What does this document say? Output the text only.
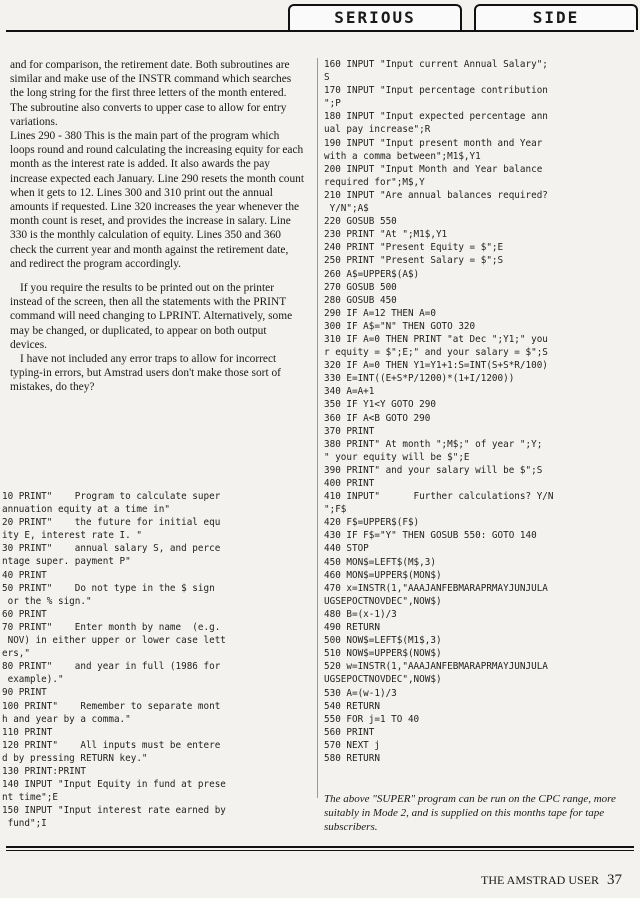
SERIOUS	SIDE

and for comparison, the retirement date. Both subroutines are similar and make use of the INSTR command which searches the long string for the first three letters of the month entered. The subroutine also converts to upper case to allow for entry variations.

Lines 290 - 380 This is the main part of the program which loops round and round calculating the increasing equity for each month as the interest rate is added. It also awards the pay increase expected each January. Line 290 resets the month count when it gets to 12. Lines 300 and 310 print out the annual amounts if requested. Line 320 increases the year whenever the month count is reset, and provides the increase in salary. Line 330 is the monthly calculation of equity. Lines 350 and 360 check the current year and month against the retirement date, and redirect the program accordingly.

If you require the results to be printed out on the printer instead of the screen, then all the statements with the PRINT command will need changing to LPRINT. Alternatively, some may be changed, or duplicated, to appear on both output devices.

I have not included any error traps to allow for incorrect typing-in errors, but Amstrad users don't make those sort of mistakes, do they?

10 PRINT"    Program to calculate super
annuation equity at a time in"
20 PRINT"    the future for initial equ
ity E, interest rate I. "
30 PRINT"    annual salary S, and perce
ntage super. payment P"
40 PRINT
50 PRINT"    Do not type in the $ sign
or the % sign."
60 PRINT
70 PRINT"    Enter month by name  (e.g.
NOV) in either upper or lower case lett
ers,"
80 PRINT"    and year in full (1986 for
example)."
90 PRINT
100 PRINT"    Remember to separate mont
h and year by a comma."
110 PRINT
120 PRINT"    All inputs must be entere
d by pressing RETURN key."
130 PRINT:PRINT
140 INPUT "Input Equity in fund at prese
nt time";E
150 INPUT "Input interest rate earned by
fund";I
160 INPUT "Input current Annual Salary";
S
170 INPUT "Input percentage contribution
";P
180 INPUT "Input expected percentage ann
ual pay increase";R
190 INPUT "Input present month and Year
with a comma between";M1$,Y1
200 INPUT "Input Month and Year balance
required for";M$,Y
210 INPUT "Are annual balances required?
Y/N";A$
220 GOSUB 550
230 PRINT "At ";M1$,Y1
240 PRINT "Present Equity = $";E
250 PRINT "Present Salary = $";S
260 A$=UPPER$(A$)
270 GOSUB 500
280 GOSUB 450
290 IF A=12 THEN A=0
300 IF A$="N" THEN GOTO 320
310 IF A=0 THEN PRINT "at Dec ";Y1;" you
r equity = $";E;" and your salary = $";S
320 IF A=0 THEN Y1=Y1+1:S=INT(S+S*R/100)
330 E=INT((E+S*P/1200)*(1+I/1200))
340 A=A+1
350 IF Y1<Y GOTO 290
360 IF A<B GOTO 290
370 PRINT
380 PRINT" At month ";M$;" of year ";Y;
" your equity will be $";E
390 PRINT" and your salary will be $";S
400 PRINT
410 INPUT"      Further calculations? Y/N
";F$
420 F$=UPPER$(F$)
430 IF F$="Y" THEN GOSUB 550: GOTO 140
440 STOP
450 MON$=LEFT$(M$,3)
460 MON$=UPPER$(MON$)
470 x=INSTR(1,"AAAJANFEBMARAPRMAYJUNJULA
UGSEPOCTNOVDEC",NOW$)
480 B=(x-1)/3
490 RETURN
500 NOW$=LEFT$(M1$,3)
510 NOW$=UPPER$(NOW$)
520 w=INSTR(1,"AAAJANFEBMARAPRMAYJUNJULA
UGSEPOCTNOVDEC",NOW$)
530 A=(w-1)/3
540 RETURN
550 FOR j=1 TO 40
560 PRINT
570 NEXT j
580 RETURN
The above "SUPER" program can be run on the CPC range, more suitably in Mode 2, and is supplied on this months tape for tape subscribers.
THE AMSTRAD USER 37
